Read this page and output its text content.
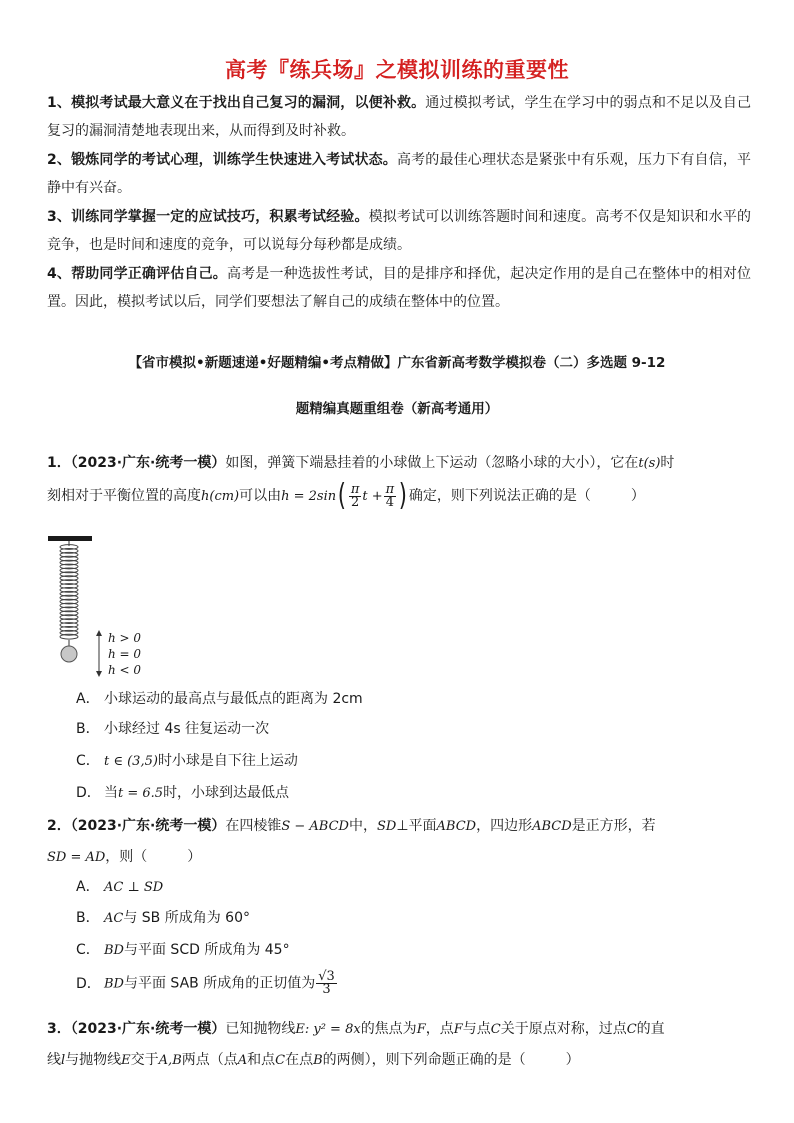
高考『练兵场』之模拟训练的重要性

1、模拟考试最大意义在于找出自己复习的漏洞，以便补救。通过模拟考试，学生在学习中的弱点和不足以及自己复习的漏洞清楚地表现出来，从而得到及时补救。

2、锻炼同学的考试心理，训练学生快速进入考试状态。高考的最佳心理状态是紧张中有乐观，压力下有自信，平静中有兴奋。

3、训练同学掌握一定的应试技巧，积累考试经验。模拟考试可以训练答题时间和速度。高考不仅是知识和水平的竞争，也是时间和速度的竞争，可以说每分每秒都是成绩。

4、帮助同学正确评估自己。高考是一种选拔性考试，目的是排序和择优，起决定作用的是自己在整体中的相对位置。因此，模拟考试以后，同学们要想法了解自己的成绩在整体中的位置。

【省市模拟•新题速递•好题精编•考点精做】广东省新高考数学模拟卷（二）多选题 9-12
题精编真题重组卷（新高考通用）

1．（2023·广东·统考一模）如图，弹簧下端悬挂着的小球做上下运动（忽略小球的大小），它在t(s)时

刻相对于平衡位置的高度h(cm)可以由$h = 2\sin( \frac{\pi}{2}$ $t + \frac{\pi}{4}$ ) 确定，则下列说法正确的是（	）

h > 0
h = 0
h < 0
A． 小球运动的最高点与最低点的距离为 2cm
B． 小球经过 4s 往复运动一次
C． t ∈ (3,5)时小球是自下往上运动
D． 当t = 6.5时，小球到达最低点

2．（2023·广东·统考一模）在四棱锥S − ABCD中，SD⊥平面ABCD，四边形ABCD是正方形，若

SD = AD，则（	）

A． AC ⊥ SD
B． AC与 SB 所成角为 60°
C． BD与平面 SCD 所成角为 45°
D． BD与平面 SAB 所成角的正切值为 $\frac{√3}{3}$

3．（2023·广东·统考一模）已知抛物线E: y² = 8x的焦点为F，点F与点C关于原点对称，过点C的直

线l与抛物线E交于A,B两点（点A和点C在点B的两侧），则下列命题正确的是（	）
